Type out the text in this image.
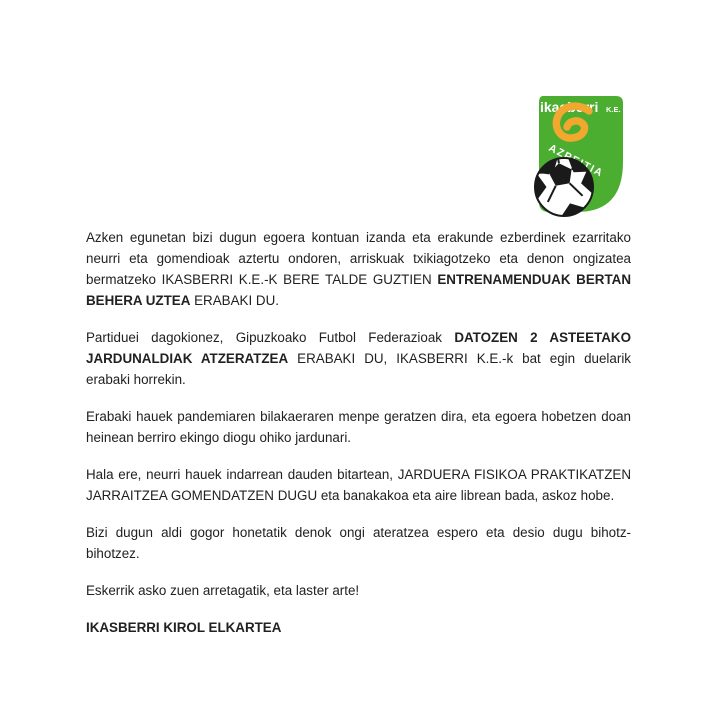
ikasberri K.E.

Azken egunetan bizi dugun egoera kontuan izanda eta erakunde ezberdinek ezarritako neurri eta gomendioak aztertu ondoren, arriskuak txikiagotzeko eta denon ongizatea bermatzeko IKASBERRI K.E.-K BERE TALDE GUZTIEN ENTRENAMENDUAK BERTAN BEHERA UZTEA ERABAKI DU.

Partiduei dagokionez, Gipuzkoako Futbol Federazioak DATOZEN 2 ASTEETAKO JARDUNALDIAK ATZERATZEA ERABAKI DU, IKASBERRI K.E.-k bat egin duelarik erabaki horrekin.

Erabaki hauek pandemiaren bilakaeraren menpe geratzen dira, eta egoera hobetzen doan heinean berriro ekingo diogu ohiko jardunari.

Hala ere, neurri hauek indarrean dauden bitartean, JARDUERA FISIKOA PRAKTIKATZEN JARRAITZEA GOMENDATZEN DUGU eta banakakoa eta aire librean bada, askoz hobe.

Bizi dugun aldi gogor honetatik denok ongi ateratzea espero eta desio dugu bihotz-bihotzez.

Eskerrik asko zuen arretagatik, eta laster arte!

IKASBERRI KIROL ELKARTEA
